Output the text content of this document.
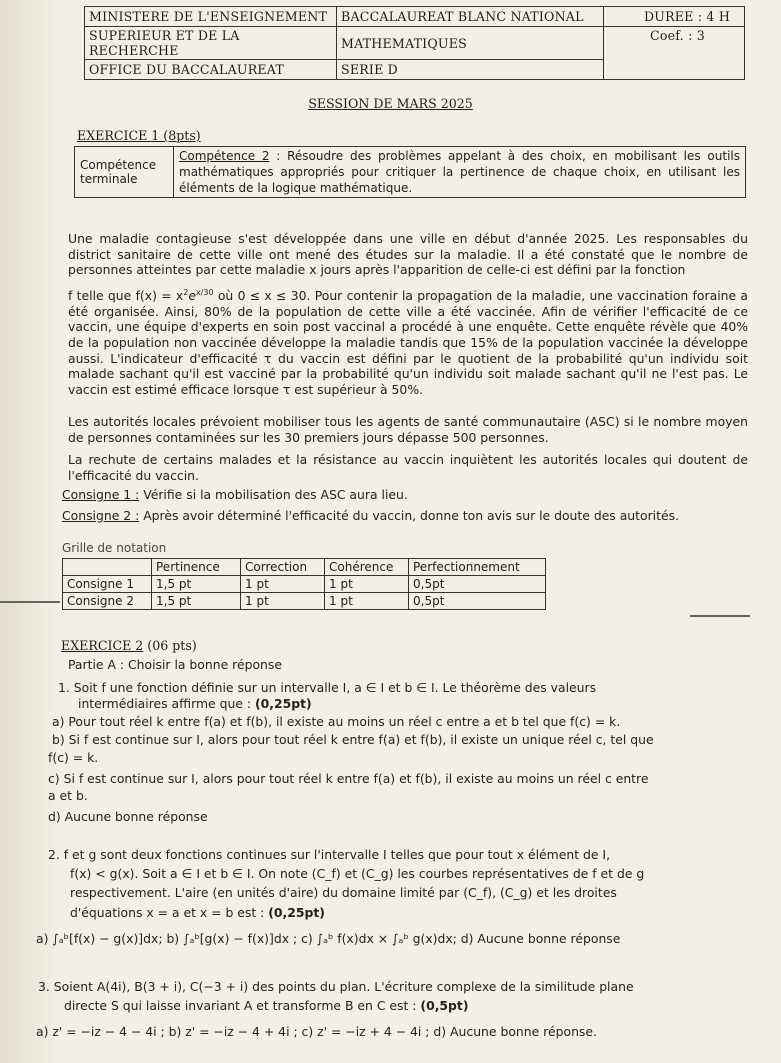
MINISTERE DE L'ENSEIGNEMENT	BACCALAUREAT BLANC NATIONAL	DUREE : 4 H
SUPERIEUR ET DE LA RECHERCHE	MATHEMATIQUES	Coef. : 3
OFFICE DU BACCALAUREAT	SERIE D	
SESSION DE MARS 2025
EXERCICE 1 (8pts)
Compétence terminale	Compétence 2 : Résoudre des problèmes appelant à des choix, en mobilisant les outils mathématiques appropriés pour critiquer la pertinence de chaque choix, en utilisant les éléments de la logique mathématique.
Une maladie contagieuse s'est développée dans une ville en début d'année 2025. Les responsables du district sanitaire de cette ville ont mené des études sur la maladie. Il a été constaté que le nombre de personnes atteintes par cette maladie x jours après l'apparition de celle-ci est défini par la fonction
f telle que $f(x) = x^2e^{x/30}$ où 0 ≤ x ≤ 30. Pour contenir la propagation de la maladie, une vaccination foraine a été organisée. Ainsi, 80% de la population de cette ville a été vaccinée. Afin de vérifier l'efficacité de ce vaccin, une équipe d'experts en soin post vaccinal a procédé à une enquête. Cette enquête révèle que 40% de la population non vaccinée développe la maladie tandis que 15% de la population vaccinée la développe aussi. L'indicateur d'efficacité τ du vaccin est défini par le quotient de la probabilité qu'un individu soit malade sachant qu'il est vacciné par la probabilité qu'un individu soit malade sachant qu'il ne l'est pas. Le vaccin est estimé efficace lorsque τ est supérieur à 50%.
Les autorités locales prévoient mobiliser tous les agents de santé communautaire (ASC) si le nombre moyen de personnes contaminées sur les 30 premiers jours dépasse 500 personnes.
La rechute de certains malades et la résistance au vaccin inquiètent les autorités locales qui doutent de l'efficacité du vaccin.
Consigne 1 : Vérifie si la mobilisation des ASC aura lieu.
Consigne 2 : Après avoir déterminé l'efficacité du vaccin, donne ton avis sur le doute des autorités.
Grille de notation
	Pertinence	Correction	Cohérence	Perfectionnement
Consigne 1	1,5 pt	1 pt	1 pt	0,5pt
Consigne 2	1,5 pt	1 pt	1 pt	0,5pt
EXERCICE 2 (06 pts)
Partie A : Choisir la bonne réponse
1. Soit f une fonction définie sur un intervalle I, a ∈ I et b ∈ I. Le théorème des valeurs
intermédiaires affirme que : (0,25pt)
a) Pour tout réel k entre f(a) et f(b), il existe au moins un réel c entre a et b tel que f(c) = k.
b) Si f est continue sur I, alors pour tout réel k entre f(a) et f(b), il existe un unique réel c, tel que
f(c) = k.
c) Si f est continue sur I, alors pour tout réel k entre f(a) et f(b), il existe au moins un réel c entre
a et b.
d) Aucune bonne réponse
2. f et g sont deux fonctions continues sur l'intervalle I telles que pour tout x élément de I,
f(x) < g(x). Soit a ∈ I et b ∈ I. On note (C_f) et (C_g) les courbes représentatives de f et de g
respectivement. L'aire (en unités d'aire) du domaine limité par (C_f), (C_g) et les droites
d'équations x = a et x = b est : (0,25pt)
a) ∫ₐᵇ[f(x) − g(x)]dx; b) ∫ₐᵇ[g(x) − f(x)]dx ; c) ∫ₐᵇ f(x)dx × ∫ₐᵇ g(x)dx; d) Aucune bonne réponse
3. Soient A(4i), B(3 + i), C(−3 + i) des points du plan. L'écriture complexe de la similitude plane
directe S qui laisse invariant A et transforme B en C est : (0,5pt)
a) z' = −iz − 4 − 4i ; b) z' = −iz − 4 + 4i ; c) z' = −iz + 4 − 4i ; d) Aucune bonne réponse.
